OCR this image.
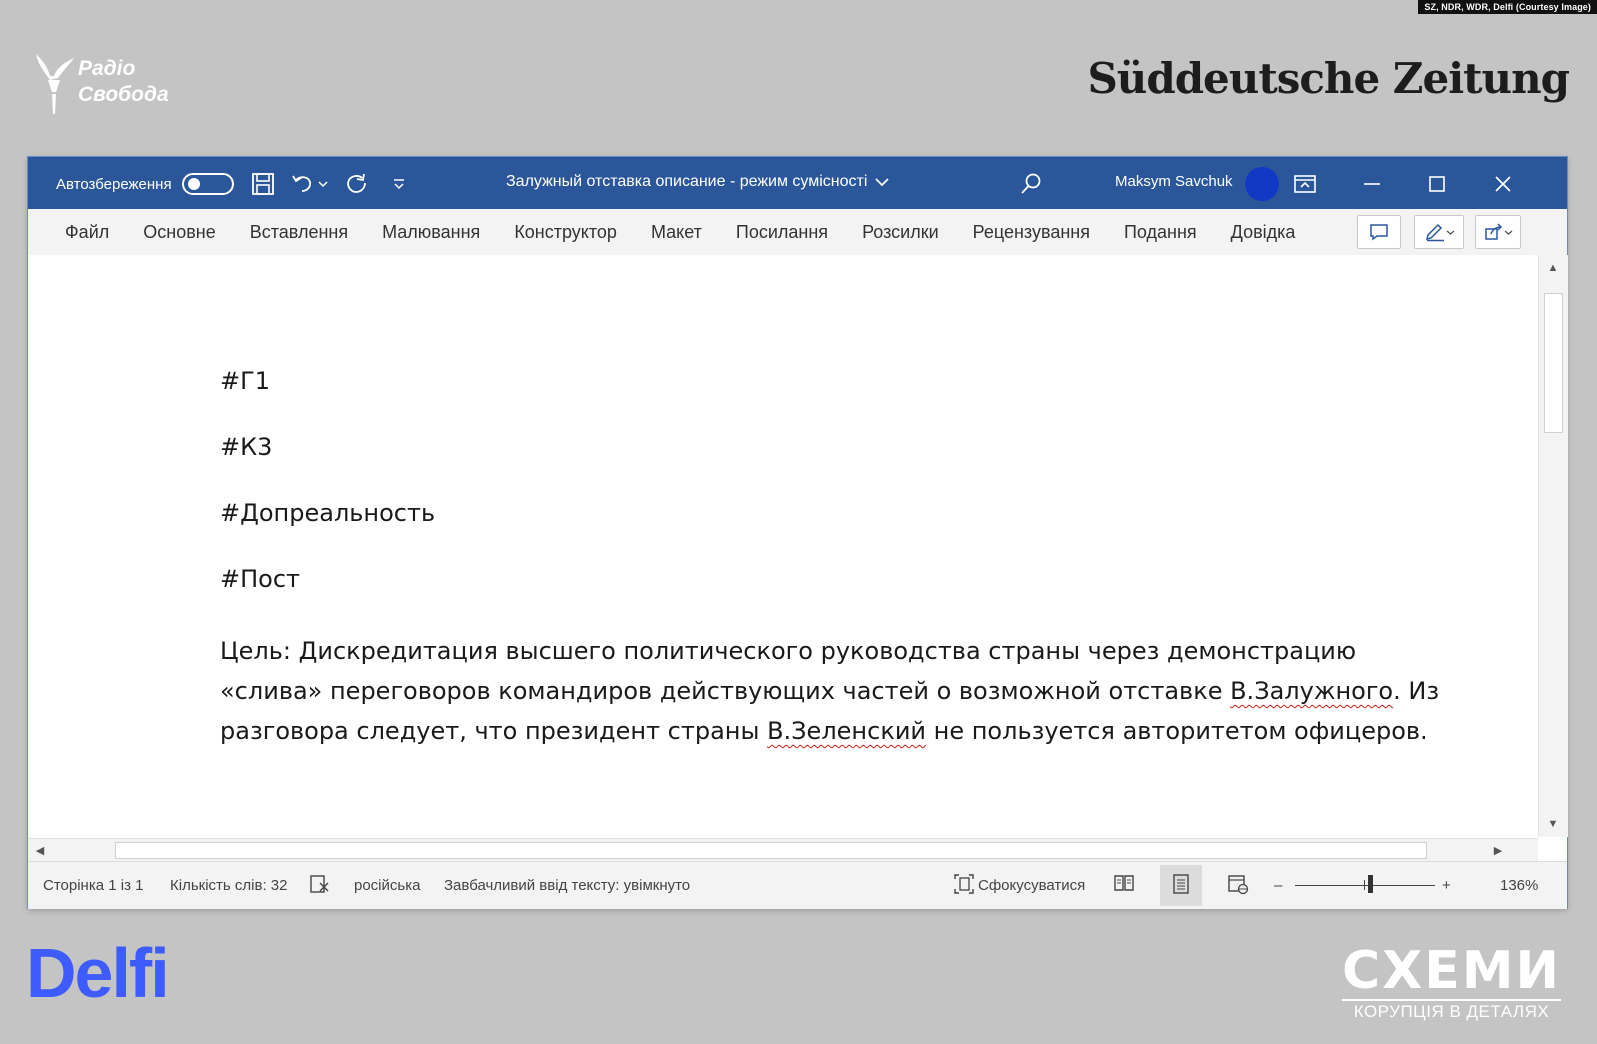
SZ, NDR, WDR, Delfi (Courtesy Image)
Радіо
Свобода	Süddeutsche Zeitung
Автозбереження	Залужный отставка описание - режим сумісності	Maksym Savchuk
Файл	Основне	Вставлення	Малювання	Конструктор	Макет	Посилання	Розсилки	Рецензування	Подання	Довідка
#Г1
#К3
#Допреальность
#Пост
Цель: Дискредитация высшего политического руководства страны через демонстрацию «слива» переговоров командиров действующих частей о возможной отставке В.Залужного. Из разговора следует, что президент страны В.Зеленский не пользуется авторитетом офицеров.
▲
▼
◀	▶
Сторінка 1 із 1 Кількість слів: 32	російська Завбачливий ввід тексту: увімкнуто	Сфокусуватися	–	+	136%
Delfi	СХЕМИ
КОРУПЦІЯ В ДЕТАЛЯХ
